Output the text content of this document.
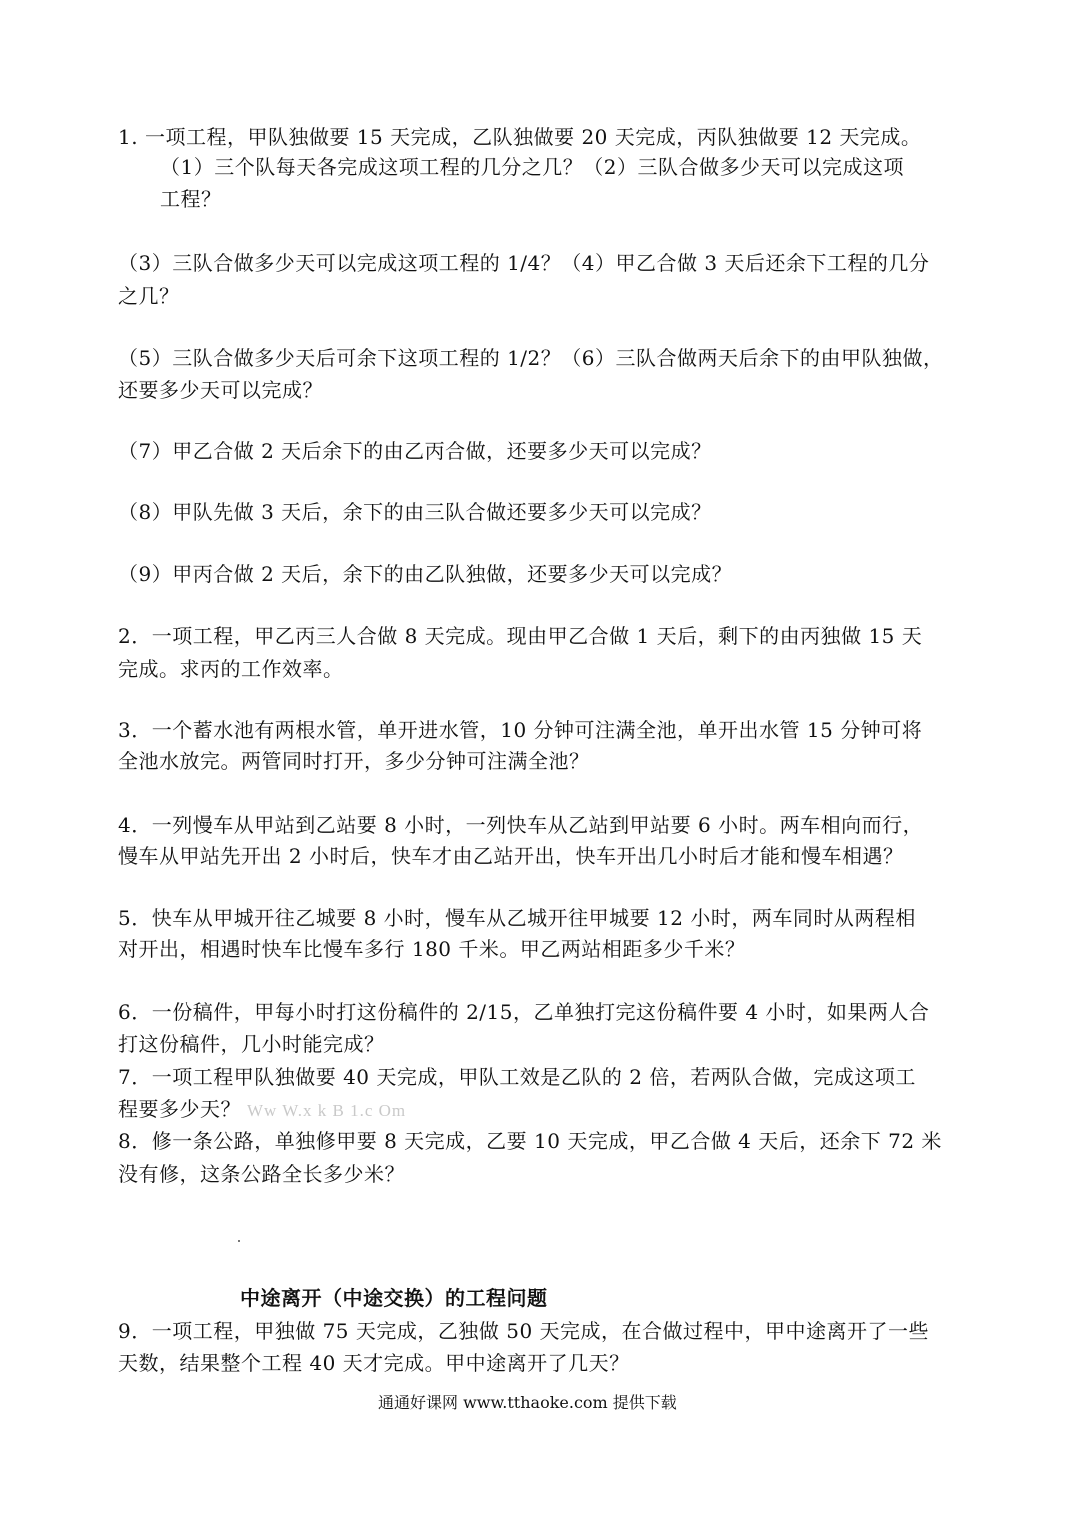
1. 一项工程，甲队独做要 15 天完成，乙队独做要 20 天完成，丙队独做要 12 天完成。
（1）三个队每天各完成这项工程的几分之几？（2）三队合做多少天可以完成这项
工程？
（3）三队合做多少天可以完成这项工程的 1/4？（4）甲乙合做 3 天后还余下工程的几分
之几？
（5）三队合做多少天后可余下这项工程的 1/2？（6）三队合做两天后余下的由甲队独做，
还要多少天可以完成？
（7）甲乙合做 2 天后余下的由乙丙合做，还要多少天可以完成？
（8）甲队先做 3 天后，余下的由三队合做还要多少天可以完成？
（9）甲丙合做 2 天后，余下的由乙队独做，还要多少天可以完成？
2．一项工程，甲乙丙三人合做 8 天完成。现由甲乙合做 1 天后，剩下的由丙独做 15 天
完成。求丙的工作效率。
3．一个蓄水池有两根水管，单开进水管，10 分钟可注满全池，单开出水管 15 分钟可将
全池水放完。两管同时打开，多少分钟可注满全池？
4．一列慢车从甲站到乙站要 8 小时，一列快车从乙站到甲站要 6 小时。两车相向而行，
慢车从甲站先开出 2 小时后，快车才由乙站开出，快车开出几小时后才能和慢车相遇？
5．快车从甲城开往乙城要 8 小时，慢车从乙城开往甲城要 12 小时，两车同时从两程相
对开出，相遇时快车比慢车多行 180 千米。甲乙两站相距多少千米？
6．一份稿件，甲每小时打这份稿件的 2/15，乙单独打完这份稿件要 4 小时，如果两人合
打这份稿件，几小时能完成？
7．一项工程甲队独做要 40 天完成，甲队工效是乙队的 2 倍，若两队合做，完成这项工
程要多少天？ Ww W.x k B 1.c Om
8．修一条公路，单独修甲要 8 天完成，乙要 10 天完成，甲乙合做 4 天后，还余下 72 米
没有修，这条公路全长多少米？
中途离开（中途交换）的工程问题
9．一项工程，甲独做 75 天完成，乙独做 50 天完成，在合做过程中，甲中途离开了一些
天数，结果整个工程 40 天才完成。甲中途离开了几天？
通通好课网 www.tthaoke.com 提供下载
